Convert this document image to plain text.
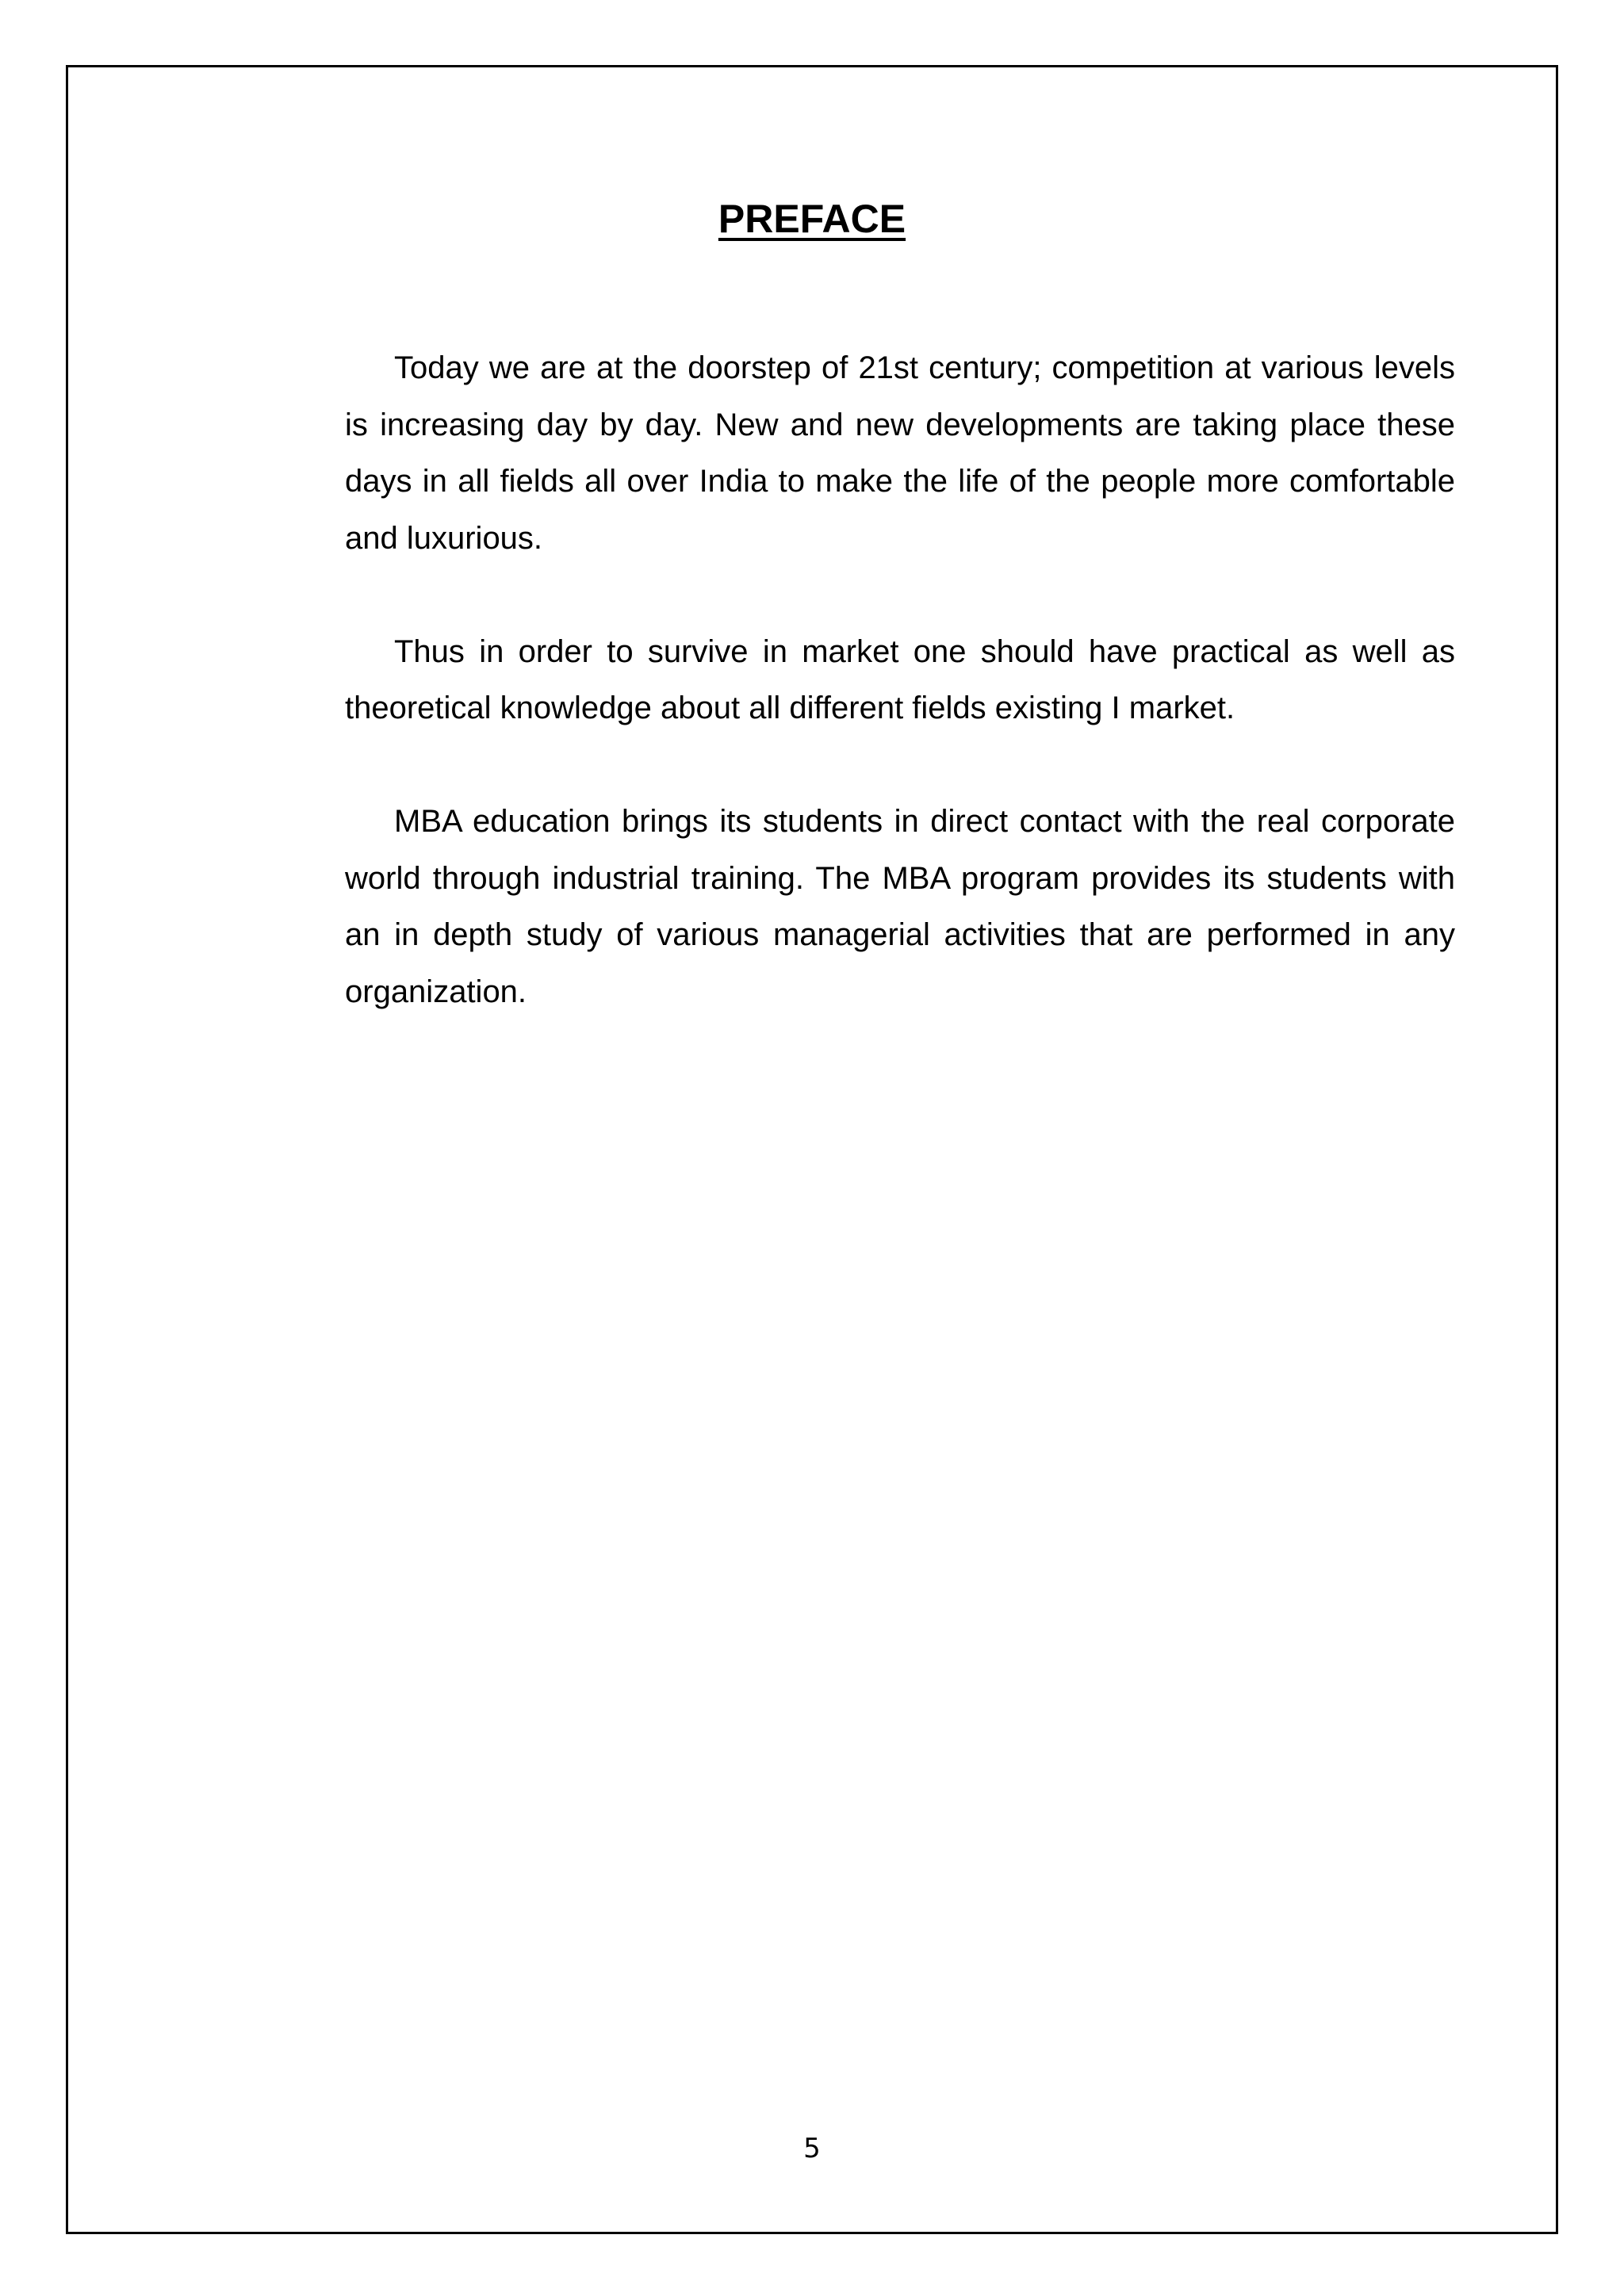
PREFACE

Today we are at the doorstep of 21st century; competition at various levels is increasing day by day. New and new developments are taking place these days in all fields all over India to make the life of the people more comfortable and luxurious.

Thus in order to survive in market one should have practical as well as theoretical knowledge about all different fields existing I market.

MBA education brings its students in direct contact with the real corporate world through industrial training. The MBA program provides its students with an in depth study of various managerial activities that are performed in any organization.

5
